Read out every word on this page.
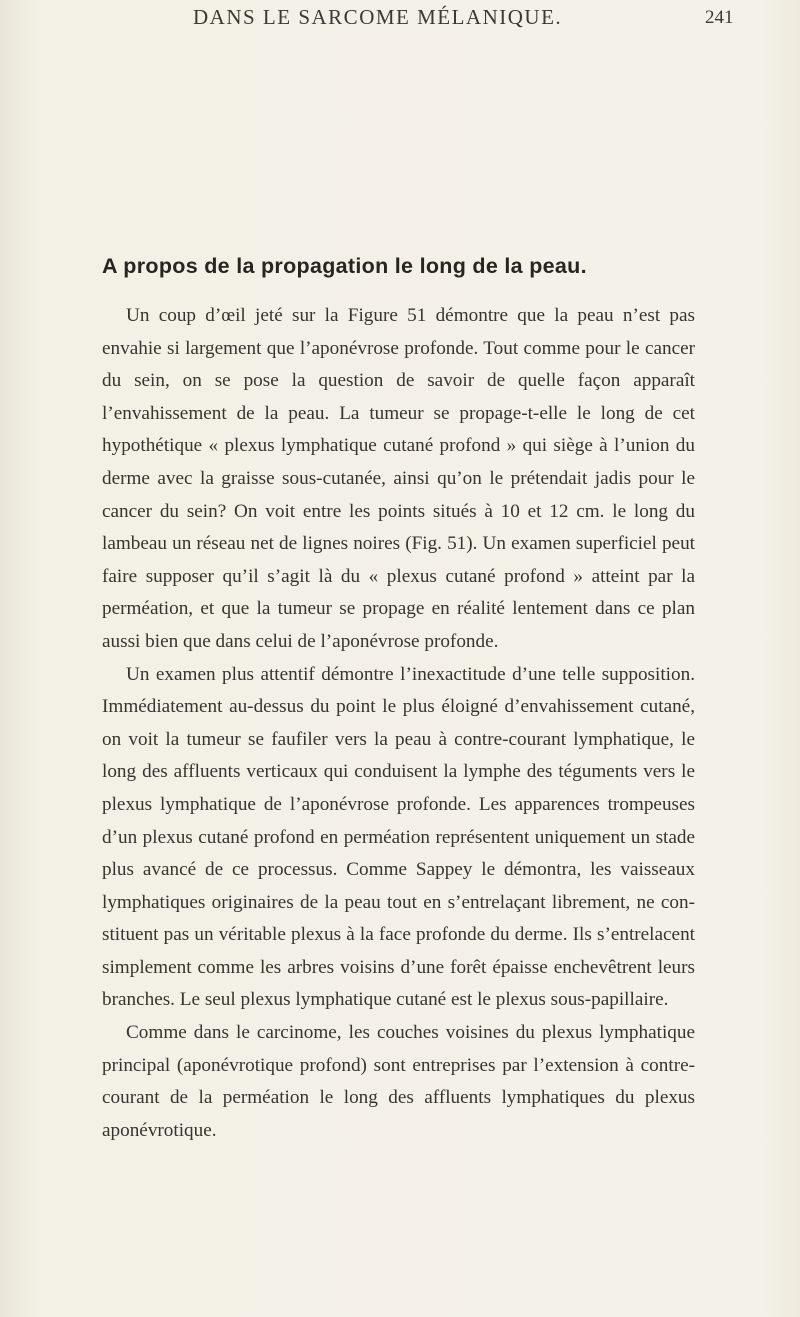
DANS LE SARCOME MÉLANIQUE.	241
A propos de la propagation le long de la peau.

Un coup d’œil jeté sur la Figure 51 démontre que la peau n’est pas envahie si largement que l’aponévrose profonde. Tout comme pour le cancer du sein, on se pose la question de savoir de quelle façon apparaît l’envahissement de la peau. La tumeur se propage-t-elle le long de cet hypothétique « plexus lymphatique cutané profond » qui siège à l’union du derme avec la graisse sous-cutanée, ainsi qu’on le prétendait jadis pour le cancer du sein? On voit entre les points situés à 10 et 12 cm. le long du lambeau un réseau net de lignes noires (Fig. 51). Un examen superficiel peut faire supposer qu’il s’agit là du « plexus cutané profond » atteint par la perméation, et que la tumeur se propage en réalité lentement dans ce plan aussi bien que dans celui de l’aponévrose profonde.

Un examen plus attentif démontre l’inexactitude d’une telle supposition. Immédiatement au-dessus du point le plus éloigné d’envahissement cutané, on voit la tumeur se faufiler vers la peau à contre-courant lymphatique, le long des affluents verticaux qui conduisent la lymphe des téguments vers le plexus lymphatique de l’aponévrose profonde. Les apparences trompeuses d’un plexus cutané profond en perméation représentent uniquement un stade plus avancé de ce processus. Comme Sappey le démontra, les vaisseaux lymphatiques originaires de la peau tout en s’entrelaçant librement, ne constituent pas un véritable plexus à la face profonde du derme. Ils s’entrelacent simplement comme les arbres voisins d’une forêt épaisse enchevêtrent leurs branches. Le seul plexus lymphatique cutané est le plexus sous-papillaire.

Comme dans le carcinome, les couches voisines du plexus lymphatique principal (aponévrotique profond) sont entreprises par l’extension à contre-courant de la perméation le long des affluents lymphatiques du plexus aponévrotique.
